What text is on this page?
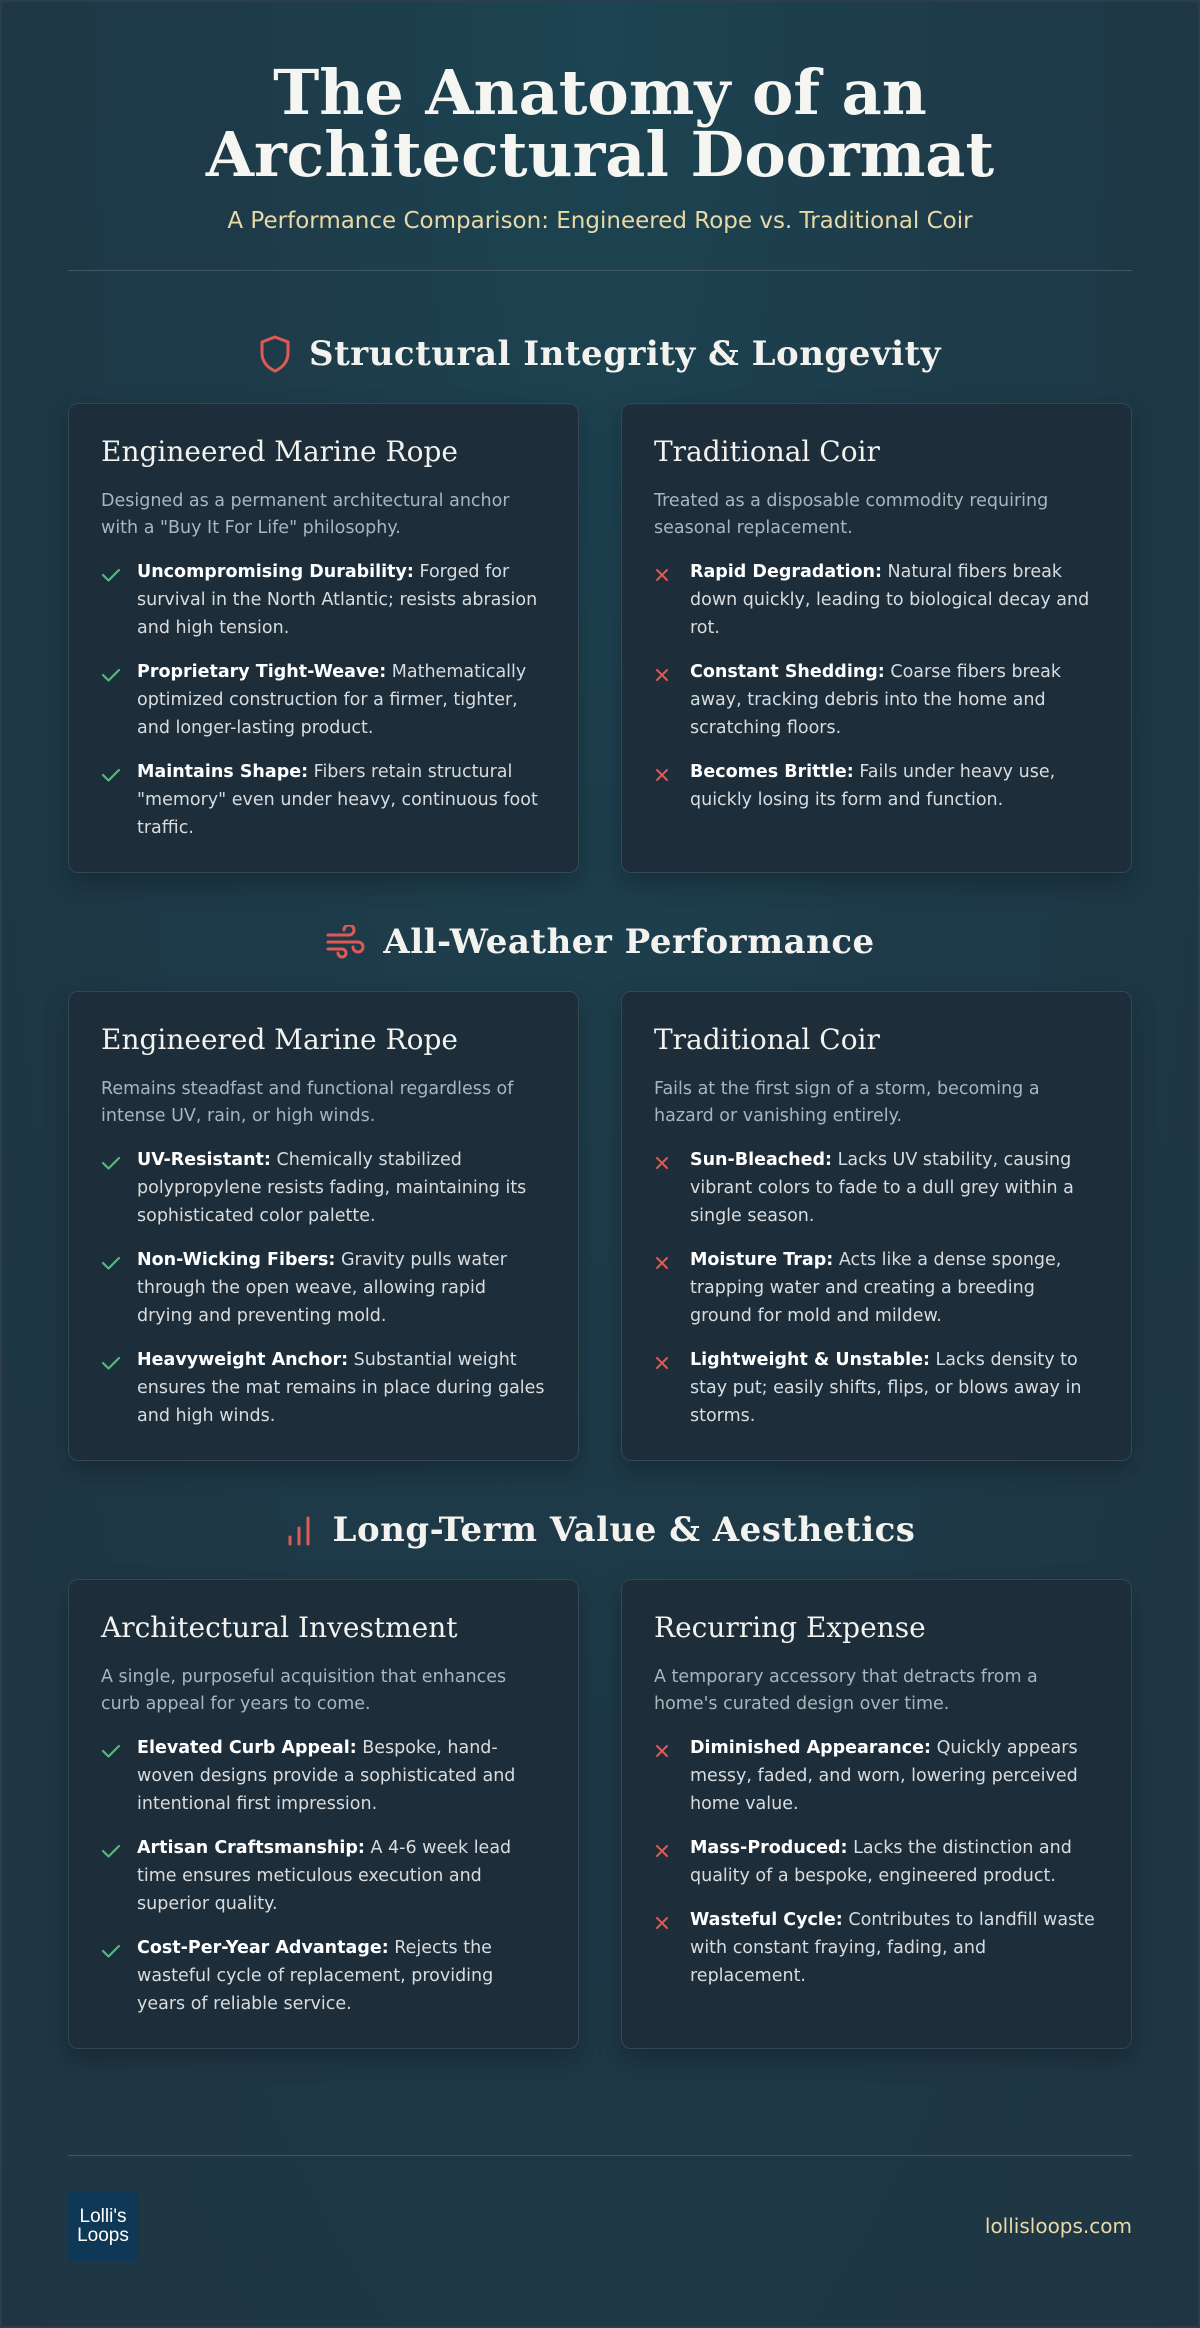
The Anatomy of an Architectural Doormat
A Performance Comparison: Engineered Rope vs. Traditional Coir
Structural Integrity & Longevity
Engineered Marine Rope

Designed as a permanent architectural anchor with a "Buy It For Life" philosophy.

Uncompromising Durability: Forged for survival in the North Atlantic; resists abrasion and high tension.
Proprietary Tight-Weave: Mathematically optimized construction for a firmer, tighter, and longer-lasting product.
Maintains Shape: Fibers retain structural "memory" even under heavy, continuous foot traffic.
Traditional Coir

Treated as a disposable commodity requiring seasonal replacement.

Rapid Degradation: Natural fibers break down quickly, leading to biological decay and rot.
Constant Shedding: Coarse fibers break away, tracking debris into the home and scratching floors.
Becomes Brittle: Fails under heavy use, quickly losing its form and function.
All-Weather Performance
Engineered Marine Rope

Remains steadfast and functional regardless of intense UV, rain, or high winds.

UV-Resistant: Chemically stabilized polypropylene resists fading, maintaining its sophisticated color palette.
Non-Wicking Fibers: Gravity pulls water through the open weave, allowing rapid drying and preventing mold.
Heavyweight Anchor: Substantial weight ensures the mat remains in place during gales and high winds.
Traditional Coir

Fails at the first sign of a storm, becoming a hazard or vanishing entirely.

Sun-Bleached: Lacks UV stability, causing vibrant colors to fade to a dull grey within a single season.
Moisture Trap: Acts like a dense sponge, trapping water and creating a breeding ground for mold and mildew.
Lightweight & Unstable: Lacks density to stay put; easily shifts, flips, or blows away in storms.
Long-Term Value & Aesthetics
Architectural Investment

A single, purposeful acquisition that enhances curb appeal for years to come.

Elevated Curb Appeal: Bespoke, hand-woven designs provide a sophisticated and intentional first impression.
Artisan Craftsmanship: A 4-6 week lead time ensures meticulous execution and superior quality.
Cost-Per-Year Advantage: Rejects the wasteful cycle of replacement, providing years of reliable service.
Recurring Expense

A temporary accessory that detracts from a home's curated design over time.

Diminished Appearance: Quickly appears messy, faded, and worn, lowering perceived home value.
Mass-Produced: Lacks the distinction and quality of a bespoke, engineered product.
Wasteful Cycle: Contributes to landfill waste with constant fraying, fading, and replacement.
Lolli's
Loops	lollisloops.com
